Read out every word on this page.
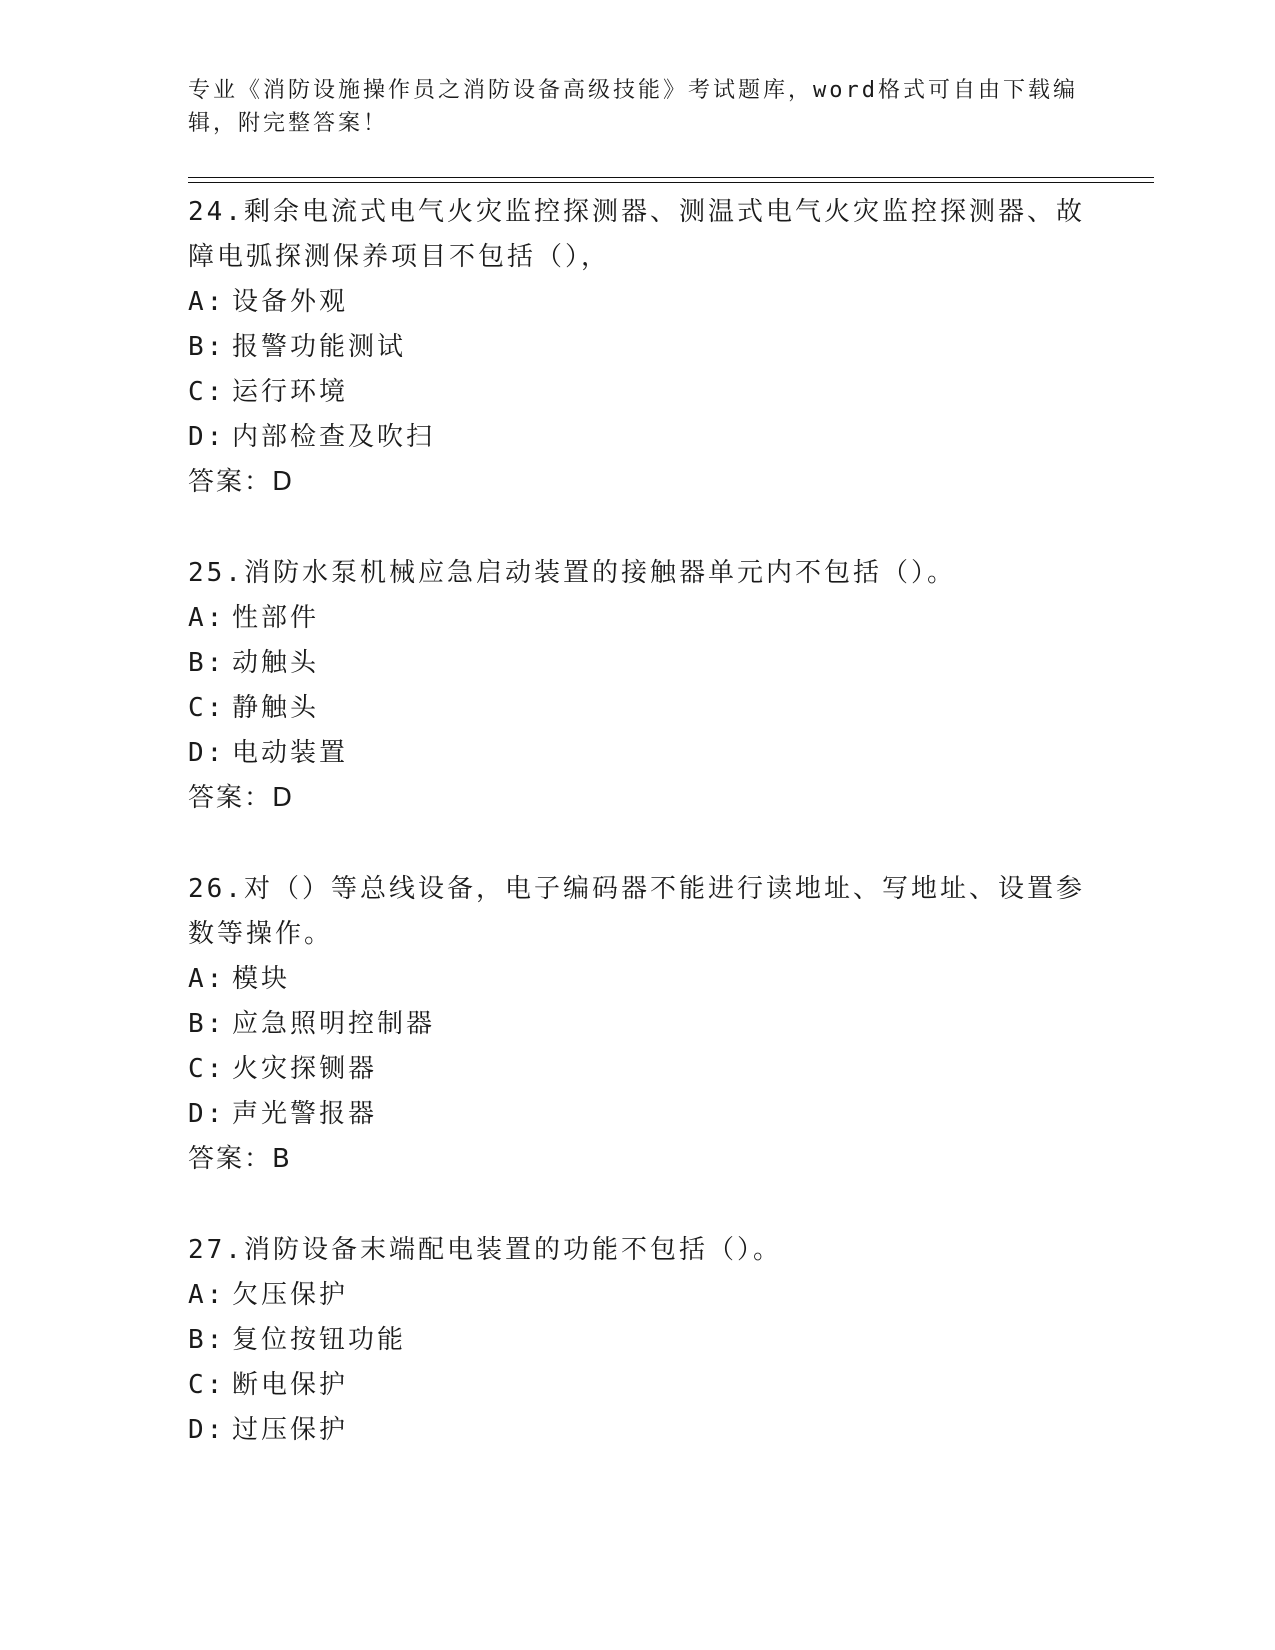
专业《消防设施操作员之消防设备高级技能》考试题库，word格式可自由下载编辑，附完整答案！

24.剩余电流式电气火灾监控探测器、测温式电气火灾监控探测器、故障电弧探测保养项目不包括（），

A: 设备外观

B: 报警功能测试

C: 运行环境

D: 内部检查及吹扫

答案：D

25.消防水泵机械应急启动装置的接触器单元内不包括（）。

A: 性部件

B: 动触头

C: 静触头

D: 电动装置

答案：D

26.对（）等总线设备，电子编码器不能进行读地址、写地址、设置参数等操作。

A: 模块

B: 应急照明控制器

C: 火灾探铡器

D: 声光警报器

答案：B

27.消防设备末端配电装置的功能不包括（）。

A: 欠压保护

B: 复位按钮功能

C: 断电保护

D: 过压保护
